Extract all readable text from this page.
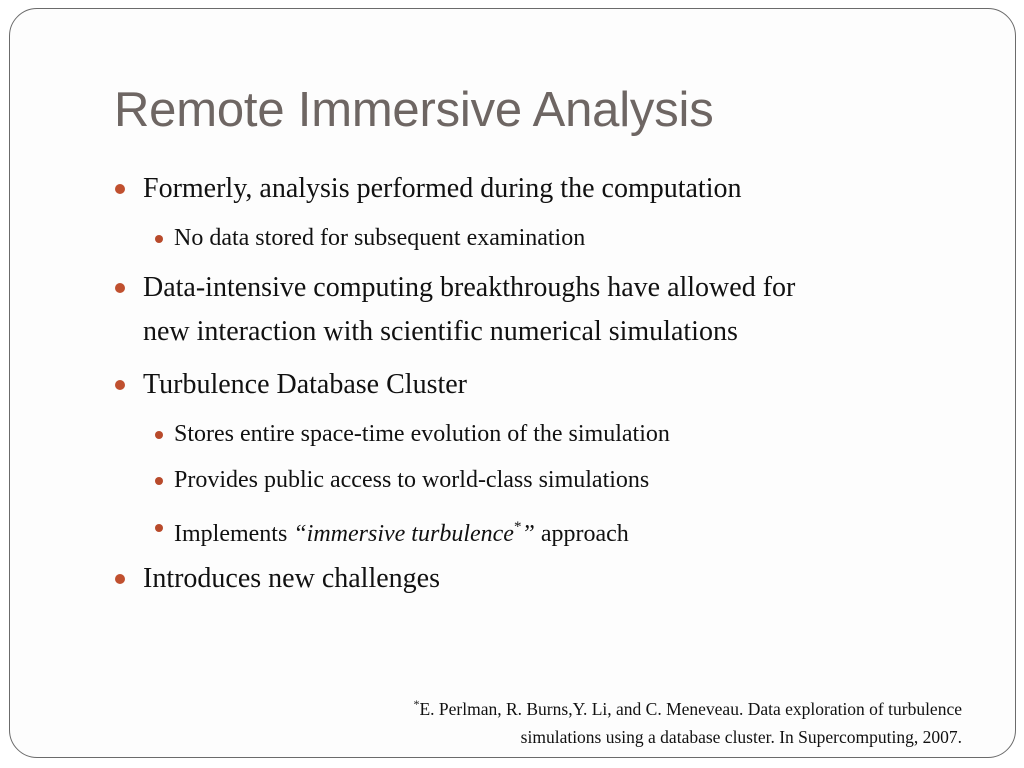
Remote Immersive Analysis
Formerly, analysis performed during the computation
No data stored for subsequent examination
Data-intensive computing breakthroughs have allowed for
new interaction with scientific numerical simulations
Turbulence Database Cluster
Stores entire space-time evolution of the simulation
Provides public access to world-class simulations
Implements “immersive turbulence*” approach
Introduces new challenges
*E. Perlman, R. Burns,Y. Li, and C. Meneveau. Data exploration of turbulence
simulations using a database cluster. In Supercomputing, 2007.
